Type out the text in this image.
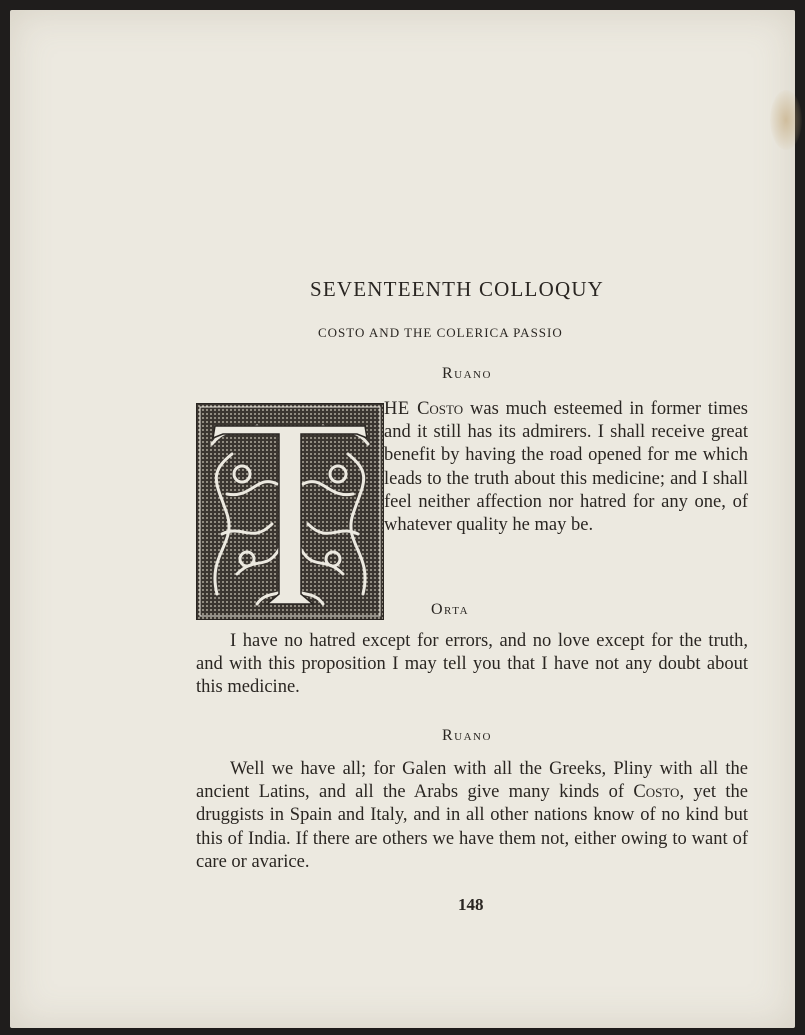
SEVENTEENTH COLLOQUY
COSTO AND THE COLERICA PASSIO
Ruano
HE Costo was much esteemed in former times and it still has its admirers. I shall receive great benefit by having the road opened for me which leads to the truth about this medicine; and I shall feel neither affection nor hatred for any one, of whatever quality he may be.
Orta
I have no hatred except for errors, and no love except for the truth, and with this proposition I may tell you that I have not any doubt about this medicine.
Ruano
Well we have all; for Galen with all the Greeks, Pliny with all the ancient Latins, and all the Arabs give many kinds of Costo, yet the druggists in Spain and Italy, and in all other nations know of no kind but this of India. If there are others we have them not, either owing to want of care or avarice.
148
